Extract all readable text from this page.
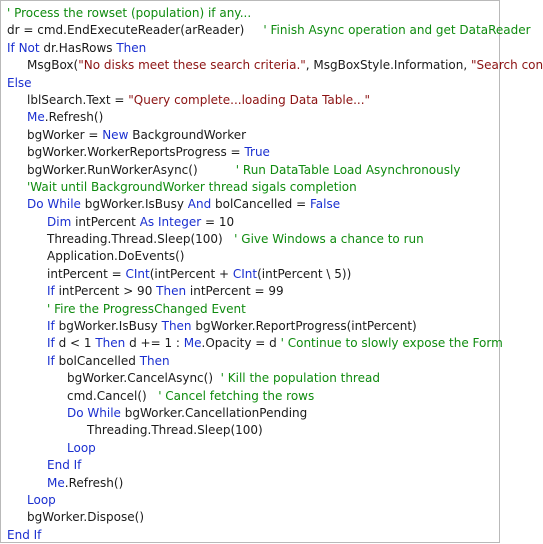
' Process the rowset (population) if any...
dr = cmd.EndExecuteReader(arReader)     ' Finish Async operation and get DataReader
If Not dr.HasRows Then
MsgBox("No disks meet these search criteria.", MsgBoxStyle.Information, "Search con
Else
lblSearch.Text = "Query complete...loading Data Table..."
Me.Refresh()
bgWorker = New BackgroundWorker
bgWorker.WorkerReportsProgress = True
bgWorker.RunWorkerAsync()          ' Run DataTable Load Asynchronously
'Wait until BackgroundWorker thread sigals completion
Do While bgWorker.IsBusy And bolCancelled = False
Dim intPercent As Integer = 10
Threading.Thread.Sleep(100)   ' Give Windows a chance to run
Application.DoEvents()
intPercent = CInt(intPercent + CInt(intPercent \ 5))
If intPercent > 90 Then intPercent = 99
' Fire the ProgressChanged Event
If bgWorker.IsBusy Then bgWorker.ReportProgress(intPercent)
If d < 1 Then d += 1 : Me.Opacity = d ' Continue to slowly expose the Form
If bolCancelled Then
bgWorker.CancelAsync()  ' Kill the population thread
cmd.Cancel()   ' Cancel fetching the rows
Do While bgWorker.CancellationPending
Threading.Thread.Sleep(100)
Loop
End If
Me.Refresh()
Loop
bgWorker.Dispose()
End If
